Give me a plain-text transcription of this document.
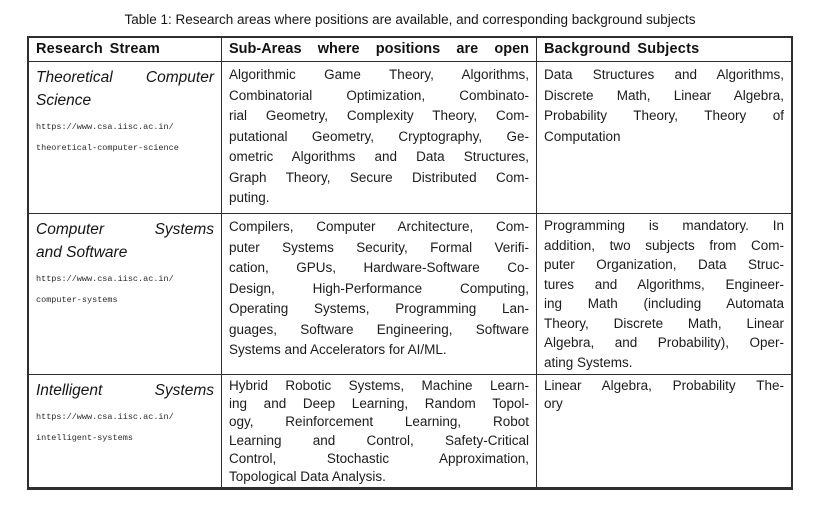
Table 1: Research areas where positions are available, and corresponding background subjects
Research Stream	Sub-Areas where positions are open	Background Subjects
Theoretical Computer
Science
https://www.csa.iisc.ac.in/
theoretical-computer-science
Algorithmic Game Theory, Algorithms,
Combinatorial Optimization, Combinato-
rial Geometry, Complexity Theory, Com-
putational Geometry, Cryptography, Ge-
ometric Algorithms and Data Structures,
Graph Theory, Secure Distributed Com-
puting.
Data Structures and Algorithms,
Discrete Math, Linear Algebra,
Probability Theory, Theory of
Computation
Computer Systems
and Software
https://www.csa.iisc.ac.in/
computer-systems
Compilers, Computer Architecture, Com-
puter Systems Security, Formal Verifi-
cation, GPUs, Hardware-Software Co-
Design, High-Performance Computing,
Operating Systems, Programming Lan-
guages, Software Engineering, Software
Systems and Accelerators for AI/ML.
Programming is mandatory. In
addition, two subjects from Com-
puter Organization, Data Struc-
tures and Algorithms, Engineer-
ing Math (including Automata
Theory, Discrete Math, Linear
Algebra, and Probability), Oper-
ating Systems.
Intelligent Systems
https://www.csa.iisc.ac.in/
intelligent-systems
Hybrid Robotic Systems, Machine Learn-
ing and Deep Learning, Random Topol-
ogy, Reinforcement Learning, Robot
Learning and Control, Safety-Critical
Control, Stochastic Approximation,
Topological Data Analysis.
Linear Algebra, Probability The-
ory
